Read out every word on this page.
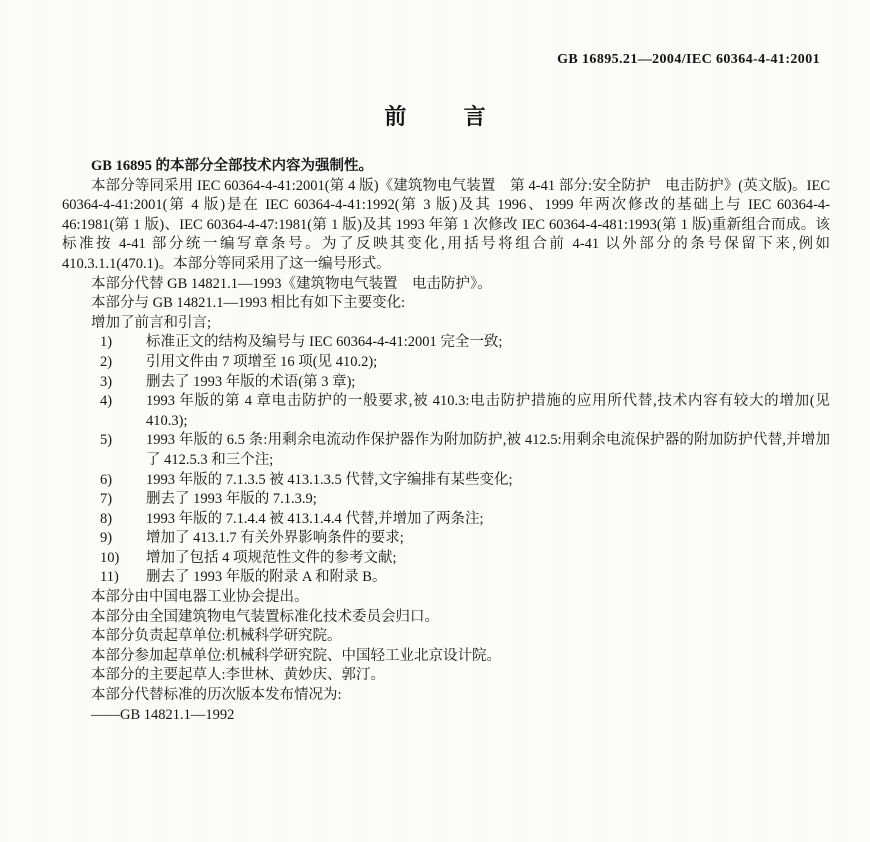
GB 16895.21—2004/IEC 60364-4-41:2001
前言

GB 16895 的本部分全部技术内容为强制性。

本部分等同采用 IEC 60364-4-41:2001(第 4 版)《建筑物电气装置　第 4-41 部分:安全防护　电击防护》(英文版)。IEC 60364-4-41:2001(第 4 版)是在 IEC 60364-4-41:1992(第 3 版)及其 1996、1999 年两次修改的基础上与 IEC 60364-4-46:1981(第 1 版)、IEC 60364-4-47:1981(第 1 版)及其 1993 年第 1 次修改 IEC 60364-4-481:1993(第 1 版)重新组合而成。该标准按 4-41 部分统一编写章条号。为了反映其变化,用括号将组合前 4-41 以外部分的条号保留下来,例如 410.3.1.1(470.1)。本部分等同采用了这一编号形式。

本部分代替 GB 14821.1—1993《建筑物电气装置　电击防护》。

本部分与 GB 14821.1—1993 相比有如下主要变化:

增加了前言和引言;

1) 标准正文的结构及编号与 IEC 60364-4-41:2001 完全一致;
2) 引用文件由 7 项增至 16 项(见 410.2);
3) 删去了 1993 年版的术语(第 3 章);
4) 1993 年版的第 4 章电击防护的一般要求,被 410.3:电击防护措施的应用所代替,技术内容有较大的增加(见 410.3);
5) 1993 年版的 6.5 条:用剩余电流动作保护器作为附加防护,被 412.5:用剩余电流保护器的附加防护代替,并增加了 412.5.3 和三个注;
6) 1993 年版的 7.1.3.5 被 413.1.3.5 代替,文字编排有某些变化;
7) 删去了 1993 年版的 7.1.3.9;
8) 1993 年版的 7.1.4.4 被 413.1.4.4 代替,并增加了两条注;
9) 增加了 413.1.7 有关外界影响条件的要求;
10) 增加了包括 4 项规范性文件的参考文献;
11) 删去了 1993 年版的附录 A 和附录 B。

本部分由中国电器工业协会提出。

本部分由全国建筑物电气装置标准化技术委员会归口。

本部分负责起草单位:机械科学研究院。

本部分参加起草单位:机械科学研究院、中国轻工业北京设计院。

本部分的主要起草人:李世林、黄妙庆、郭汀。

本部分代替标准的历次版本发布情况为:

——GB 14821.1—1992
